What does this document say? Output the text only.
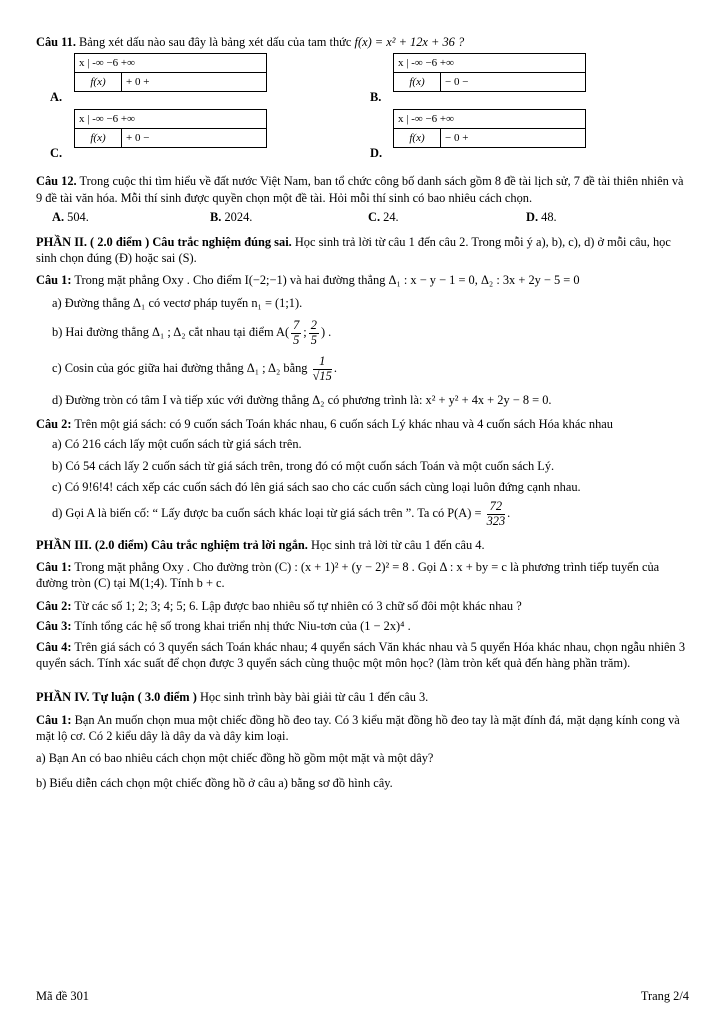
Câu 11. Bảng xét dấu nào sau đây là bảng xét dấu của tam thức f(x) = x² + 12x + 36 ?

A.
x | -∞ −6 +∞
f(x)	+ 0 +
B.
x | -∞ −6 +∞
f(x)	− 0 −
C.
x | -∞ −6 +∞
f(x)	+ 0 −
D.
x | -∞ −6 +∞
f(x)	− 0 +

Câu 12. Trong cuộc thi tìm hiểu về đất nước Việt Nam, ban tổ chức công bố danh sách gồm 8 đề tài lịch sử, 7 đề tài thiên nhiên và 9 đề tài văn hóa. Mỗi thí sinh được quyền chọn một đề tài. Hỏi mỗi thí sinh có bao nhiêu cách chọn.

A. 504.	B. 2024.	C. 24.	D. 48.

PHẦN II. ( 2.0 điểm ) Câu trắc nghiệm đúng sai. Học sinh trả lời từ câu 1 đến câu 2. Trong mỗi ý a), b), c), d) ở mỗi câu, học sinh chọn đúng (Đ) hoặc sai (S).

Câu 1: Trong mặt phẳng Oxy . Cho điểm I(−2;−1) và hai đường thẳng Δ₁ : x − y − 1 = 0, Δ₂ : 3x + 2y − 5 = 0

a) Đường thẳng Δ₁ có vectơ pháp tuyến n₁ = (1;1).

b) Hai đường thẳng Δ₁ ; Δ₂ cắt nhau tại điểm $A( \frac{7}{5}$ ; $\frac{2}{5}$ ) .

c) Cosin của góc giữa hai đường thẳng Δ₁ ; Δ₂ bằng $\frac{1}{√15}$ .

d) Đường tròn có tâm I và tiếp xúc với đường thẳng Δ₂ có phương trình là: x² + y² + 4x + 2y − 8 = 0.

Câu 2: Trên một giá sách: có 9 cuốn sách Toán khác nhau, 6 cuốn sách Lý khác nhau và 4 cuốn sách Hóa khác nhau

a) Có 216 cách lấy một cuốn sách từ giá sách trên.

b) Có 54 cách lấy 2 cuốn sách từ giá sách trên, trong đó có một cuốn sách Toán và một cuốn sách Lý.

c) Có 9!6!4! cách xếp các cuốn sách đó lên giá sách sao cho các cuốn sách cùng loại luôn đứng cạnh nhau.

d) Gọi A là biến cố: “ Lấy được ba cuốn sách khác loại từ giá sách trên ”. Ta có $P(A) = \frac{72}{323}$ .

PHẦN III. (2.0 điểm) Câu trắc nghiệm trả lời ngắn. Học sinh trả lời từ câu 1 đến câu 4.

Câu 1: Trong mặt phẳng Oxy . Cho đường tròn (C) : (x + 1)² + (y − 2)² = 8 . Gọi Δ : x + by = c là phương trình tiếp tuyến của đường tròn (C) tại M(1;4). Tính b + c.

Câu 2: Từ các số 1; 2; 3; 4; 5; 6. Lập được bao nhiêu số tự nhiên có 3 chữ số đôi một khác nhau ?

Câu 3: Tính tổng các hệ số trong khai triển nhị thức Niu-tơn của (1 − 2x)⁴ .

Câu 4: Trên giá sách có 3 quyển sách Toán khác nhau; 4 quyển sách Văn khác nhau và 5 quyển Hóa khác nhau, chọn ngẫu nhiên 3 quyển sách. Tính xác suất để chọn được 3 quyển sách cùng thuộc một môn học? (làm tròn kết quả đến hàng phần trăm).

PHẦN IV. Tự luận ( 3.0 điểm ) Học sinh trình bày bài giải từ câu 1 đến câu 3.

Câu 1: Bạn An muốn chọn mua một chiếc đồng hồ đeo tay. Có 3 kiểu mặt đồng hồ đeo tay là mặt đính đá, mặt dạng kính cong và mặt lộ cơ. Có 2 kiểu dây là dây da và dây kim loại.

a) Bạn An có bao nhiêu cách chọn một chiếc đồng hồ gồm một mặt và một dây?

b) Biểu diễn cách chọn một chiếc đồng hồ ở câu a) bằng sơ đồ hình cây.

Mã đề 301	Trang 2/4
